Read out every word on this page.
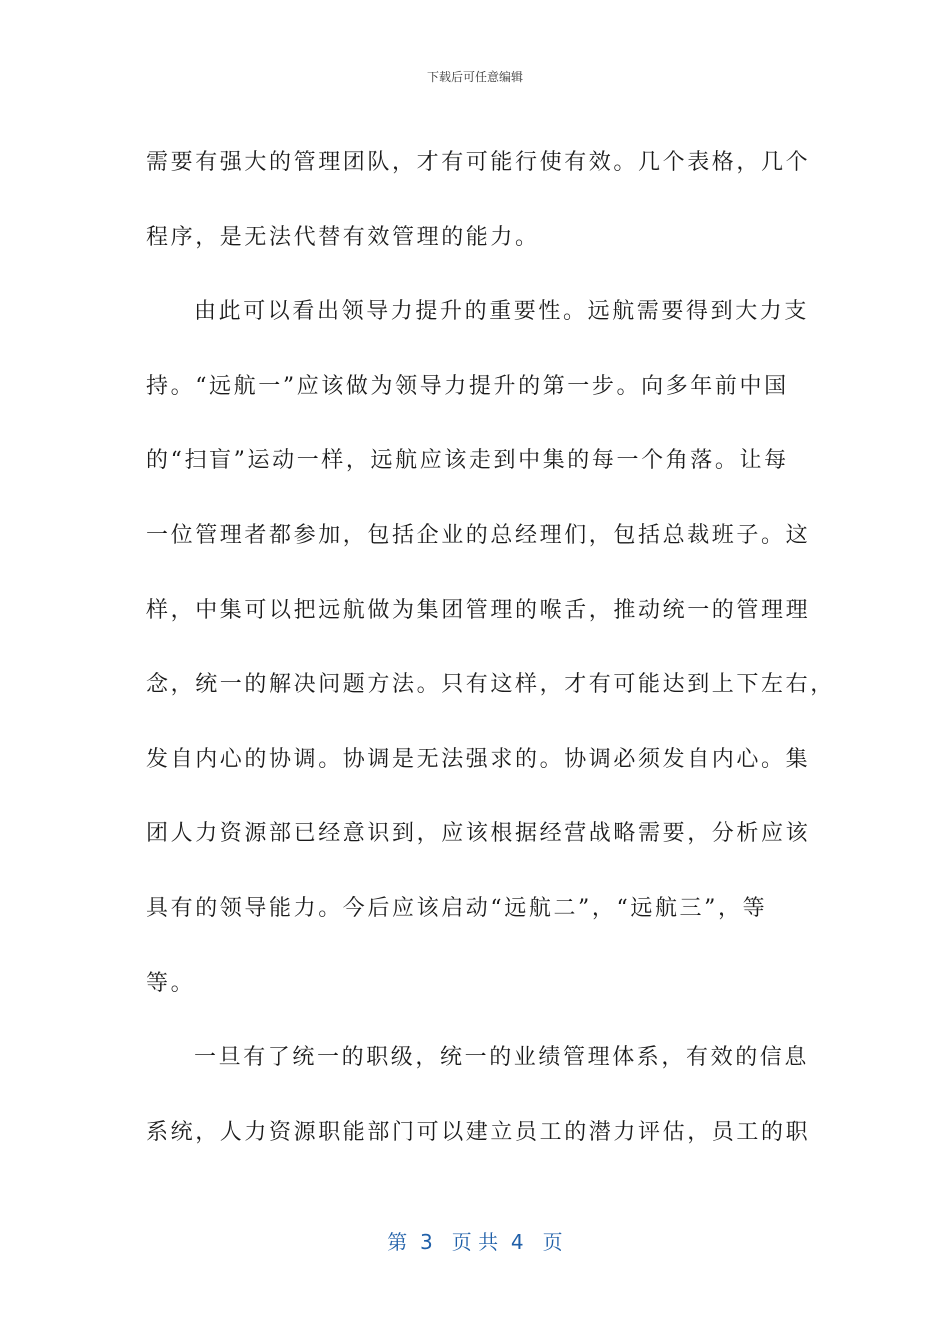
下载后可任意编辑

需要有强大的管理团队，才有可能行使有效。几个表格，几个

程序，是无法代替有效管理的能力。

由此可以看出领导力提升的重要性。远航需要得到大力支

持。“远航一”应该做为领导力提升的第一步。向多年前中国

的“扫盲”运动一样，远航应该走到中集的每一个角落。让每

一位管理者都参加，包括企业的总经理们，包括总裁班子。这

样，中集可以把远航做为集团管理的喉舌，推动统一的管理理

念，统一的解决问题方法。只有这样，才有可能达到上下左右，

发自内心的协调。协调是无法强求的。协调必须发自内心。集

团人力资源部已经意识到，应该根据经营战略需要，分析应该

具有的领导能力。今后应该启动“远航二”，“远航三”，等

等。

一旦有了统一的职级，统一的业绩管理体系，有效的信息

系统，人力资源职能部门可以建立员工的潜力评估，员工的职

第  3   页 共  4   页
